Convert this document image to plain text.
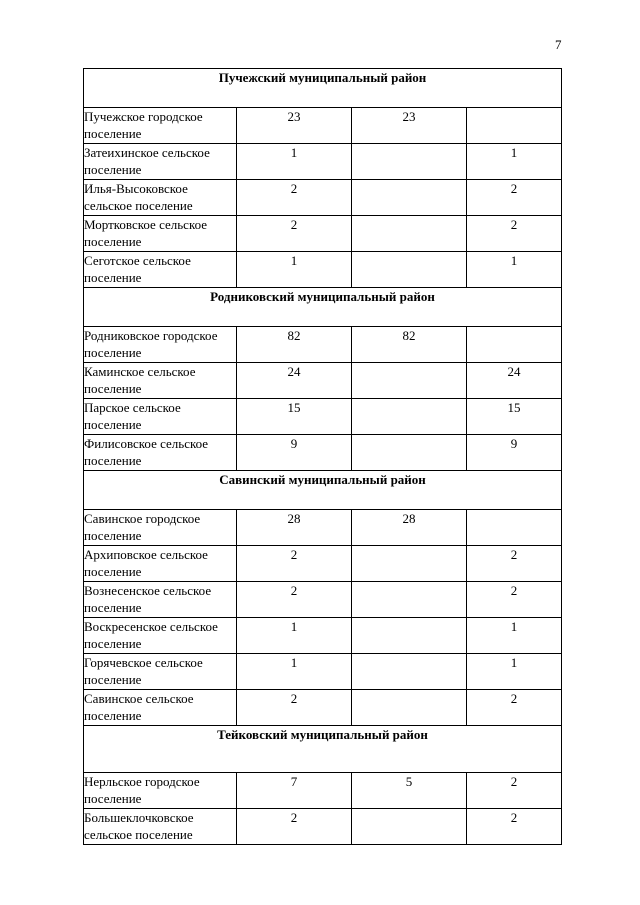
7
Пучежский муниципальный район			
Пучежское городское поселение	23	23	
Затеихинское сельское поселение	1		1
Илья-Высоковское сельское поселение	2		2
Мортковское сельское поселение	2		2
Сеготское сельское поселение	1		1
Родниковский муниципальный район			
Родниковское городское поселение	82	82	
Каминское сельское поселение	24		24
Парское сельское поселение	15		15
Филисовское сельское поселение	9		9
Савинский муниципальный район			
Савинское городское поселение	28	28	
Архиповское сельское поселение	2		2
Вознесенское сельское поселение	2		2
Воскресенское сельское поселение	1		1
Горячевское сельское поселение	1		1
Савинское сельское поселение	2		2
Тейковский муниципальный район			
Нерльское городское поселение	7	5	2
Большеклочковское сельское поселение	2		2
